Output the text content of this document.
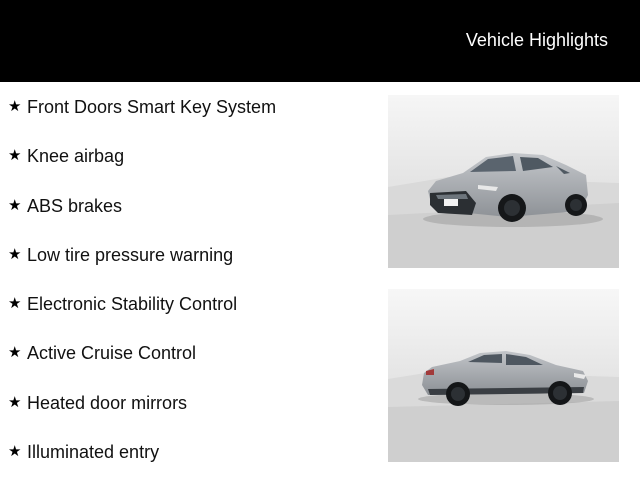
Vehicle Highlights
★ Front Doors Smart Key System
★ Knee airbag
★ ABS brakes
★ Low tire pressure warning
★ Electronic Stability Control
★ Active Cruise Control
★ Heated door mirrors
★ Illuminated entry
